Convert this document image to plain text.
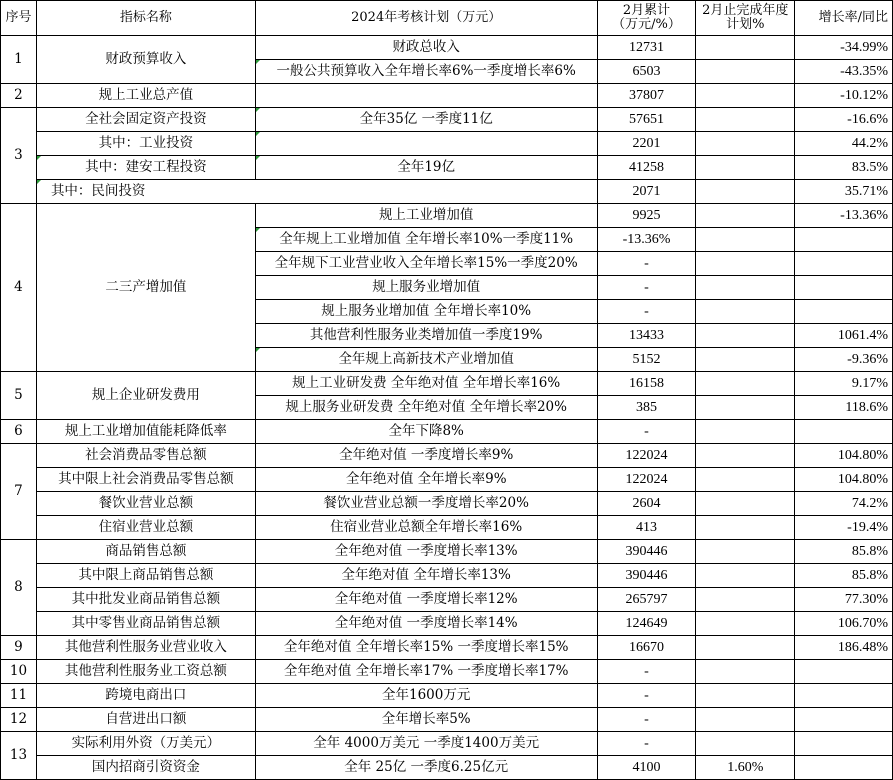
序号	指标名称	2024年考核计划（万元）	2月累计
（万元/%）	2月止完成年度计划%	增长率/同比
1	财政预算收入	财政总收入	12731		-34.99%
		一般公共预算收入全年增长率6%一季度增长率6%	6503		-43.35%
2	规上工业总产值		37807		-10.12%
3	全社会固定资产投资	全年35亿 一季度11亿	57651		-16.6%
	其中：工业投资		2201		44.2%
	其中：建安工程投资	全年19亿	41258		83.5%
	其中：民间投资		2071		35.71%
4	二三产增加值	规上工业增加值	9925		-13.36%
		全年规上工业增加值 全年增长率10%一季度11%	-13.36%		
		全年规下工业营业收入全年增长率15%一季度20%	-		
		规上服务业增加值	-		
		规上服务业增加值 全年增长率10%	-		
		其他营利性服务业类增加值一季度19%	13433		1061.4%
		全年规上高新技术产业增加值	5152		-9.36%
5	规上企业研发费用	规上工业研发费 全年绝对值 全年增长率16%	16158		9.17%
		规上服务业研发费 全年绝对值 全年增长率20%	385		118.6%
6	规上工业增加值能耗降低率	全年下降8%	-		
7	社会消费品零售总额	全年绝对值 一季度增长率9%	122024		104.80%
	其中限上社会消费品零售总额	全年绝对值 全年增长率9%	122024		104.80%
	餐饮业营业总额	餐饮业营业总额一季度增长率20%	2604		74.2%
	住宿业营业总额	住宿业营业总额全年增长率16%	413		-19.4%
8	商品销售总额	全年绝对值 一季度增长率13%	390446		85.8%
	其中限上商品销售总额	全年绝对值 全年增长率13%	390446		85.8%
	其中批发业商品销售总额	全年绝对值 一季度增长率12%	265797		77.30%
	其中零售业商品销售总额	全年绝对值 一季度增长率14%	124649		106.70%
9	其他营利性服务业营业收入	全年绝对值 全年增长率15% 一季度增长率15%	16670		186.48%
10	其他营利性服务业工资总额	全年绝对值 全年增长率17% 一季度增长率17%	-		
11	跨境电商出口	全年1600万元	-		
12	自营进出口额	全年增长率5%	-		
13	实际利用外资（万美元）	全年 4000万美元 一季度1400万美元	-		
	国内招商引资资金	全年 25亿 一季度6.25亿元	4100	1.60%	
